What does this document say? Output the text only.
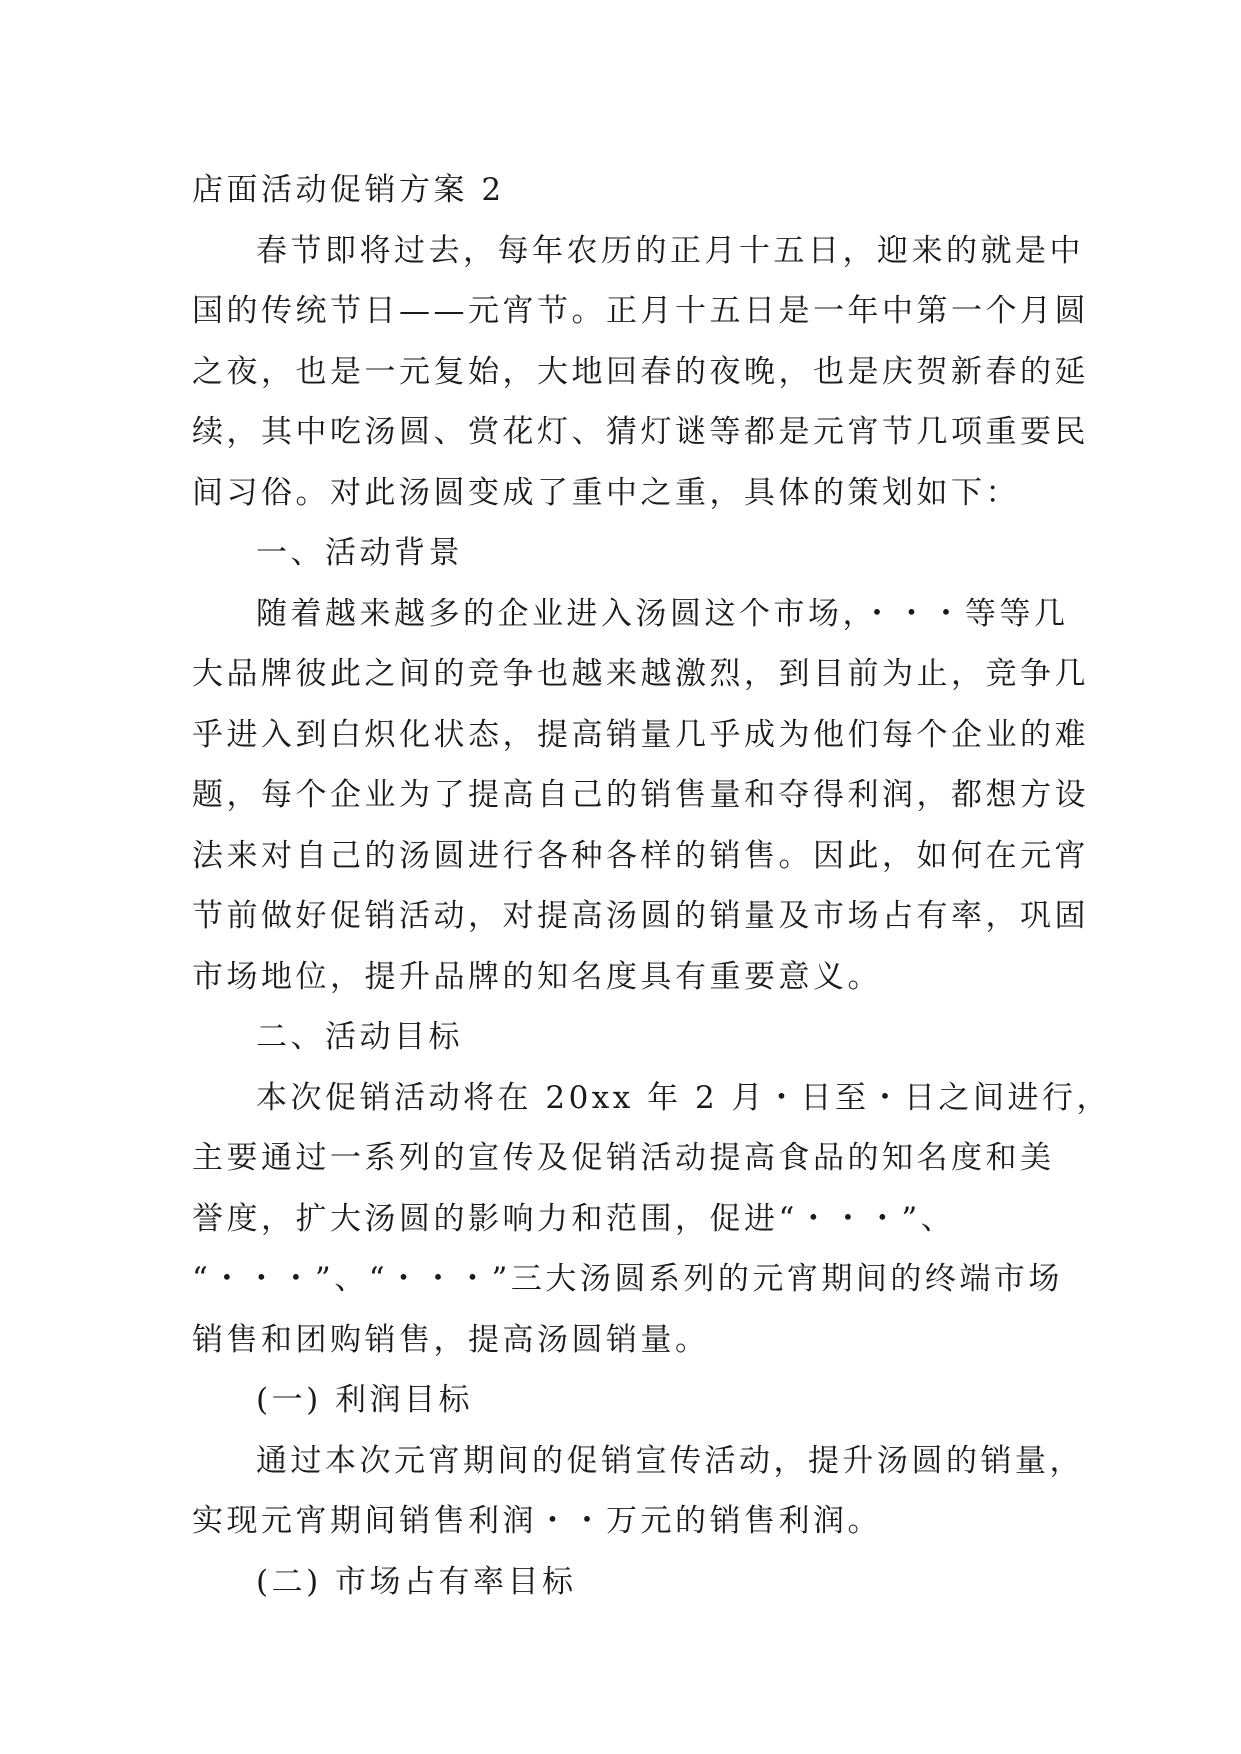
店面活动促销方案 2
春节即将过去，每年农历的正月十五日，迎来的就是中
国的传统节日——元宵节。正月十五日是一年中第一个月圆
之夜，也是一元复始，大地回春的夜晚，也是庆贺新春的延
续，其中吃汤圆、赏花灯、猜灯谜等都是元宵节几项重要民
间习俗。对此汤圆变成了重中之重，具体的策划如下：
一、活动背景
随着越来越多的企业进入汤圆这个市场，・・・等等几
大品牌彼此之间的竞争也越来越激烈，到目前为止，竞争几
乎进入到白炽化状态，提高销量几乎成为他们每个企业的难
题，每个企业为了提高自己的销售量和夺得利润，都想方设
法来对自己的汤圆进行各种各样的销售。因此，如何在元宵
节前做好促销活动，对提高汤圆的销量及市场占有率，巩固
市场地位，提升品牌的知名度具有重要意义。
二、活动目标
本次促销活动将在 20xx 年 2 月・日至・日之间进行，
主要通过一系列的宣传及促销活动提高食品的知名度和美
誉度，扩大汤圆的影响力和范围，促进“・・・”、
“・・・”、“・・・”三大汤圆系列的元宵期间的终端市场
销售和团购销售，提高汤圆销量。
(一) 利润目标
通过本次元宵期间的促销宣传活动，提升汤圆的销量，
实现元宵期间销售利润・・万元的销售利润。
(二) 市场占有率目标
